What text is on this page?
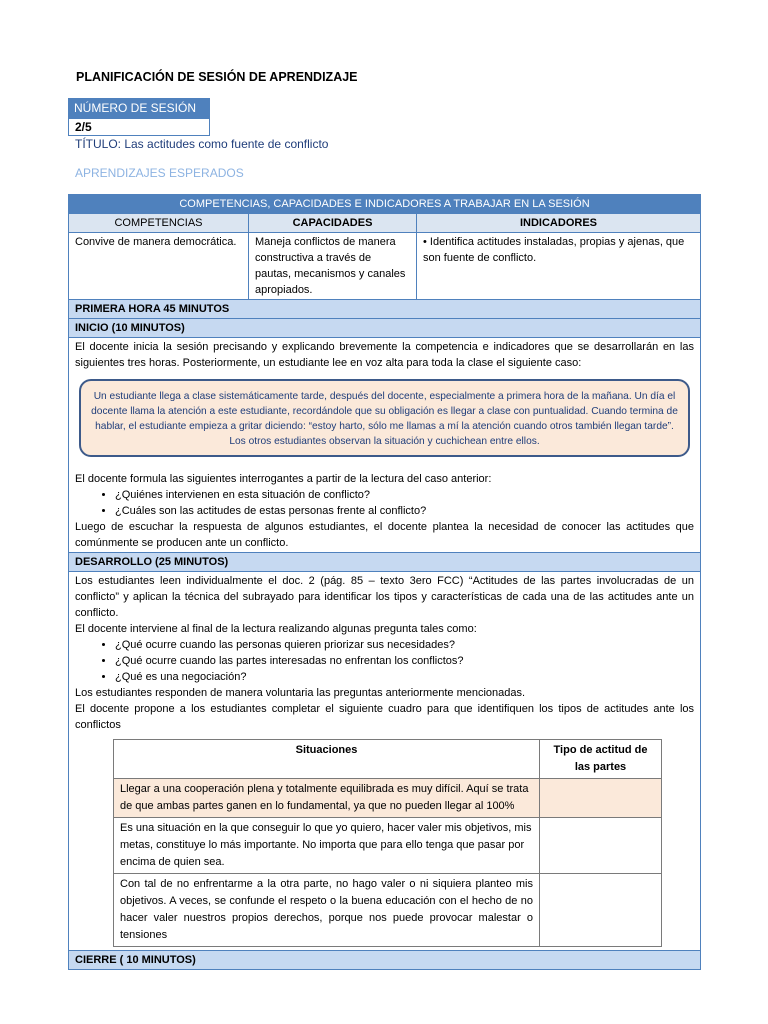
PLANIFICACIÓN DE SESIÓN DE APRENDIZAJE
NÚMERO DE SESIÓN
2/5
TÍTULO: Las actitudes como fuente de conflicto
APRENDIZAJES ESPERADOS
COMPETENCIAS, CAPACIDADES E INDICADORES A TRABAJAR EN LA SESIÓN
COMPETENCIAS	CAPACIDADES	INDICADORES
Convive de manera democrática.	Maneja conflictos de manera constructiva a través de pautas, mecanismos y canales apropiados.	• Identifica actitudes instaladas, propias y ajenas, que son fuente de conflicto.
PRIMERA HORA 45 MINUTOS
INICIO (10 MINUTOS)

El docente inicia la sesión precisando y explicando brevemente la competencia e indicadores que se desarrollarán en las siguientes tres horas. Posteriormente, un estudiante lee en voz alta para toda la clase el siguiente caso:
Un estudiante llega a clase sistemáticamente tarde, después del docente, especialmente a primera hora de la mañana. Un día el docente llama la atención a este estudiante, recordándole que su obligación es llegar a clase con puntualidad. Cuando termina de hablar, el estudiante empieza a gritar diciendo: “estoy harto, sólo me llamas a mí la atención cuando otros también llegan tarde”. Los otros estudiantes observan la situación y cuchichean entre ellos.
El docente formula las siguientes interrogantes a partir de la lectura del caso anterior:
• ¿Quiénes intervienen en esta situación de conflicto?
• ¿Cuáles son las actitudes de estas personas frente al conflicto?
Luego de escuchar la respuesta de algunos estudiantes, el docente plantea la necesidad de conocer las actitudes que comúnmente se producen ante un conflicto.

DESARROLLO (25 MINUTOS)

Los estudiantes leen individualmente el doc. 2 (pág. 85 – texto 3ero FCC) “Actitudes de las partes involucradas de un conflicto” y aplican la técnica del subrayado para identificar los tipos y características de cada una de las actitudes ante un conflicto.
El docente interviene al final de la lectura realizando algunas pregunta tales como:
• ¿Qué ocurre cuando las personas quieren priorizar sus necesidades?
• ¿Qué ocurre cuando las partes interesadas no enfrentan los conflictos?
• ¿Qué es una negociación?
Los estudiantes responden de manera voluntaria las preguntas anteriormente mencionadas.
El docente propone a los estudiantes completar el siguiente cuadro para que identifiquen los tipos de actitudes ante los conflictos
Situaciones	Tipo de actitud de las partes
Llegar a una cooperación plena y totalmente equilibrada es muy difícil. Aquí se trata de que ambas partes ganen en lo fundamental, ya que no pueden llegar al 100%	
Es una situación en la que conseguir lo que yo quiero, hacer valer mis objetivos, mis metas, constituye lo más importante. No importa que para ello tenga que pasar por encima de quien sea.	
Con tal de no enfrentarme a la otra parte, no hago valer o ni siquiera planteo mis objetivos. A veces, se confunde el respeto o la buena educación con el hecho de no hacer valer nuestros propios derechos, porque nos puede provocar malestar o tensiones	

CIERRE ( 10 MINUTOS)
